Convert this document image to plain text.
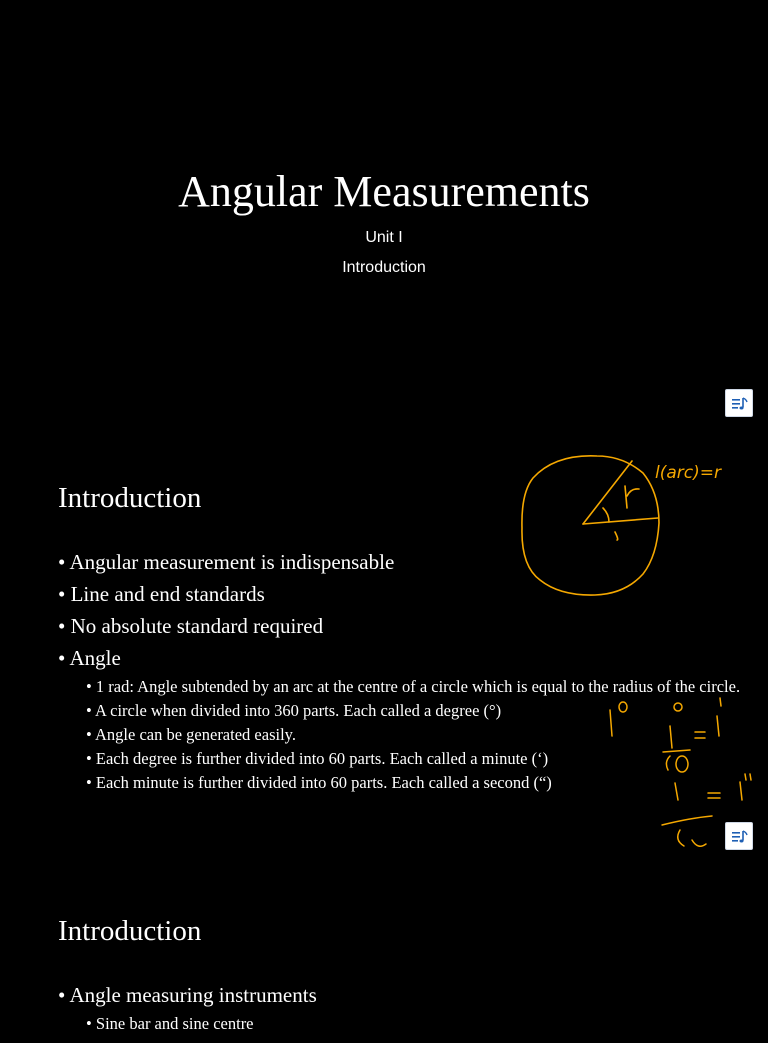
Angular Measurements
Unit I
Introduction
Introduction
• Angular measurement is indispensable
• Line and end standards
• No absolute standard required
• Angle
• 1 rad: Angle subtended by an arc at the centre of a circle which is equal to the radius of the circle.
• A circle when divided into 360 parts. Each called a degree (°)
• Angle can be generated easily.
• Each degree is further divided into 60 parts. Each called a minute (‘)
• Each minute is further divided into 60 parts. Each called a second (“)
l(arc)=r
Introduction
• Angle measuring instruments
• Sine bar and sine centre
